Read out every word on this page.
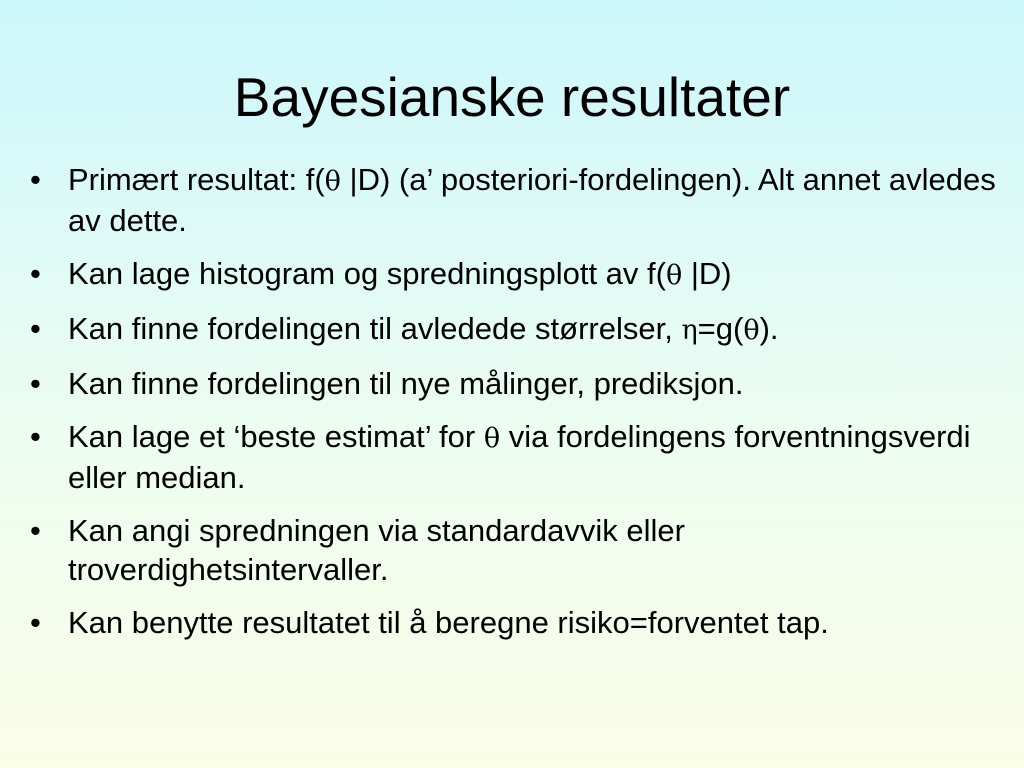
Bayesianske resultater
• Primært resultat: f(θ |D) (a’ posteriori-fordelingen). Alt annet avledes av dette.
• Kan lage histogram og spredningsplott av f(θ |D)
• Kan finne fordelingen til avledede størrelser, η=g(θ).
• Kan finne fordelingen til nye målinger, prediksjon.
• Kan lage et ‘beste estimat’ for θ via fordelingens forventningsverdi eller median.
• Kan angi spredningen via standardavvik eller troverdighetsintervaller.
• Kan benytte resultatet til å beregne risiko=forventet tap.
